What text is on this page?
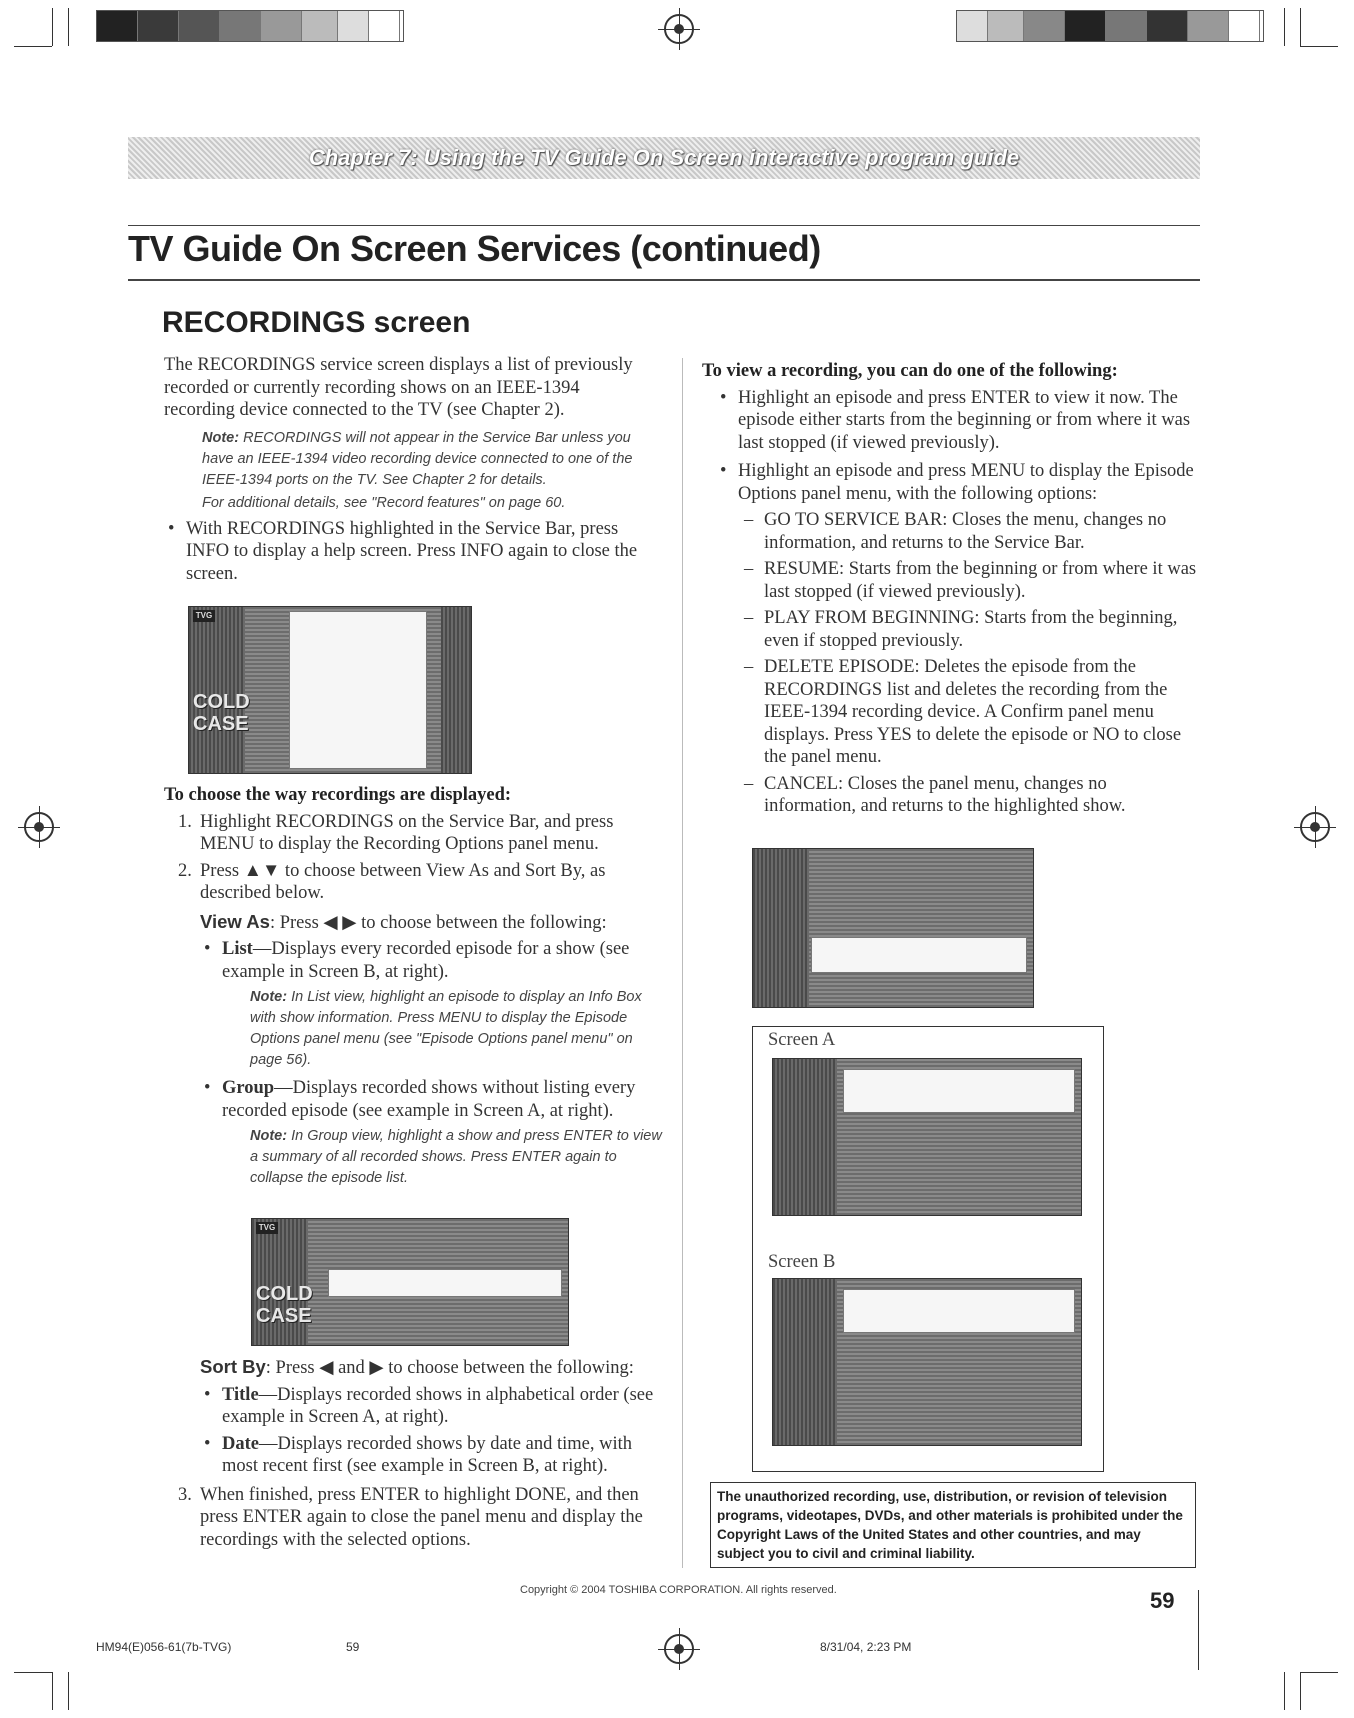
Chapter 7: Using the TV Guide On Screen interactive program guide
TV Guide On Screen Services (continued)
RECORDINGS screen

The RECORDINGS service screen displays a list of previously recorded or currently recording shows on an IEEE-1394 recording device connected to the TV (see Chapter 2).

Note: RECORDINGS will not appear in the Service Bar unless you have an IEEE-1394 video recording device connected to one of the IEEE-1394 ports on the TV. See Chapter 2 for details.
For additional details, see "Record features" on page 60.

• With RECORDINGS highlighted in the Service Bar, press INFO to display a help screen. Press INFO again to close the screen.

TVG
COLD CASE

To choose the way recordings are displayed:

1. Highlight RECORDINGS on the Service Bar, and press MENU to display the Recording Options panel menu.

2. Press ▲▼ to choose between View As and Sort By, as described below.

View As: Press ◀ ▶ to choose between the following:

• List—Displays every recorded episode for a show (see example in Screen B, at right).

Note: In List view, highlight an episode to display an Info Box with show information. Press MENU to display the Episode Options panel menu (see "Episode Options panel menu" on page 56).

• Group—Displays recorded shows without listing every recorded episode (see example in Screen A, at right).

Note: In Group view, highlight a show and press ENTER to view a summary of all recorded shows. Press ENTER again to collapse the episode list.
TVG
COLD CASE

Sort By: Press ◀ and ▶ to choose between the following:

• Title—Displays recorded shows in alphabetical order (see example in Screen A, at right).

• Date—Displays recorded shows by date and time, with most recent first (see example in Screen B, at right).

3. When finished, press ENTER to highlight DONE, and then press ENTER again to close the panel menu and display the recordings with the selected options.

To view a recording, you can do one of the following:

• Highlight an episode and press ENTER to view it now. The episode either starts from the beginning or from where it was last stopped (if viewed previously).

• Highlight an episode and press MENU to display the Episode Options panel menu, with the following options:

– GO TO SERVICE BAR: Closes the menu, changes no information, and returns to the Service Bar.

– RESUME: Starts from the beginning or from where it was last stopped (if viewed previously).

– PLAY FROM BEGINNING: Starts from the beginning, even if stopped previously.

– DELETE EPISODE: Deletes the episode from the RECORDINGS list and deletes the recording from the IEEE-1394 recording device. A Confirm panel menu displays. Press YES to delete the episode or NO to close the panel menu.

– CANCEL: Closes the panel menu, changes no information, and returns to the highlighted show.

Screen A
Screen B
The unauthorized recording, use, distribution, or revision of television programs, videotapes, DVDs, and other materials is prohibited under the Copyright Laws of the United States and other countries, and may subject you to civil and criminal liability.
Copyright © 2004 TOSHIBA CORPORATION. All rights reserved.	59
HM94(E)056-61(7b-TVG)	59	8/31/04, 2:23 PM
